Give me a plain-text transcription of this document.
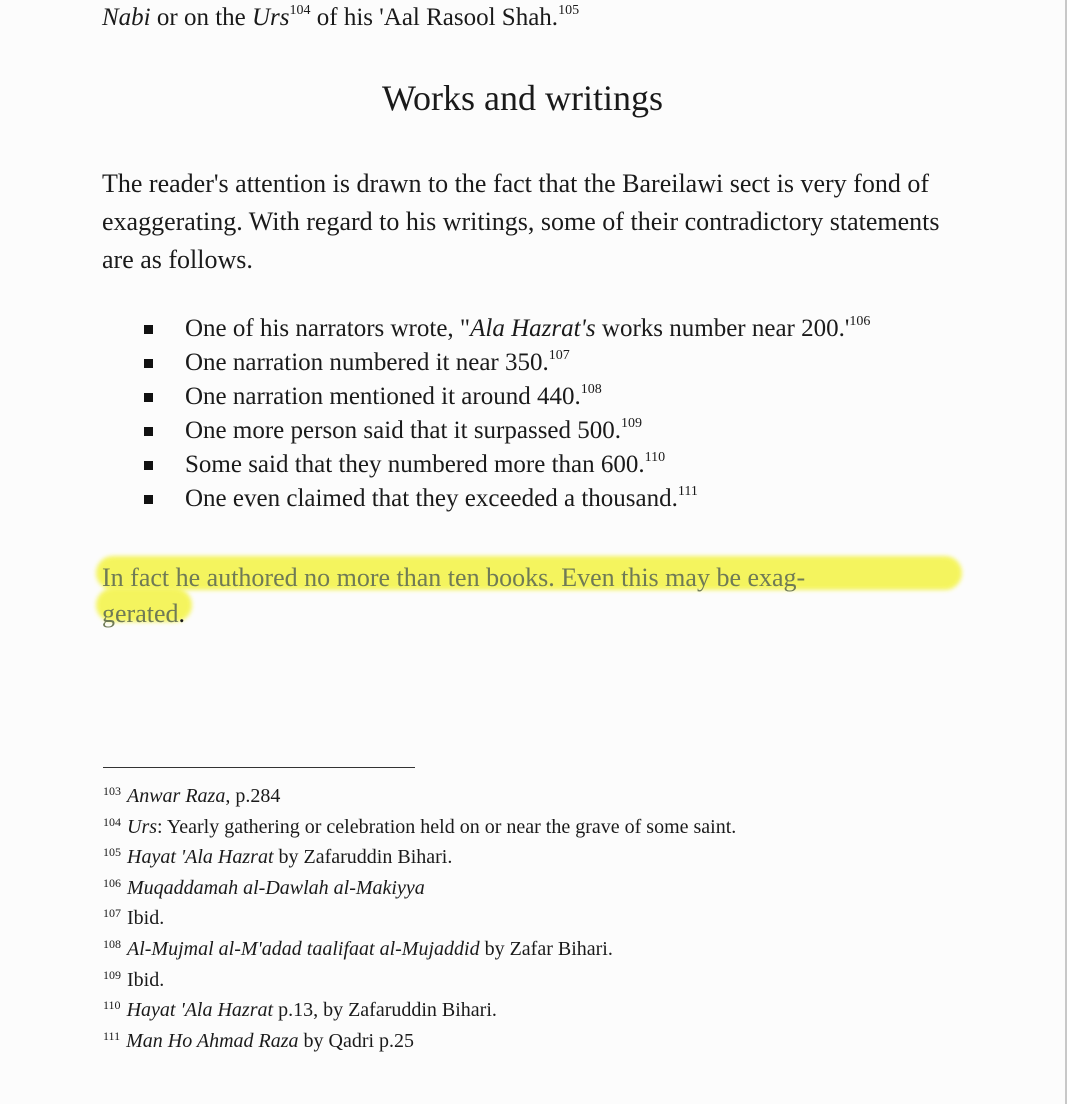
Nabi or on the Urs$^{104}$ of his 'Aal Rasool Shah.$^{105}$
Works and writings

The reader's attention is drawn to the fact that the Bareilawi sect is very fond of exaggerating. With regard to his writings, some of their contradictory statements are as follows.

One of his narrators wrote, "Ala Hazrat's works number near $200.'^{106}$
One narration numbered it near 350.$^{107}$
One narration mentioned it around 440.$^{108}$
One more person said that it surpassed 500.$^{109}$
Some said that they numbered more than 600.$^{110}$
One even claimed that they exceeded a thousand.$^{111}$

In fact he authored no more than ten books. Even this may be exag-
gerated.

$^{103}$ Anwar Raza, p.284
$^{104}$ Urs: Yearly gathering or celebration held on or near the grave of some saint.
$^{105}$ Hayat 'Ala Hazrat by Zafaruddin Bihari.
$^{106}$ Muqaddamah al-Dawlah al-Makiyya
$^{107}$ Ibid.
$^{108}$ Al-Mujmal al-M'adad taalifaat al-Mujaddid by Zafar Bihari.
$^{109}$ Ibid.
$^{110}$ Hayat 'Ala Hazrat p.13, by Zafaruddin Bihari.
$^{111}$ Man Ho Ahmad Raza by Qadri p.25
